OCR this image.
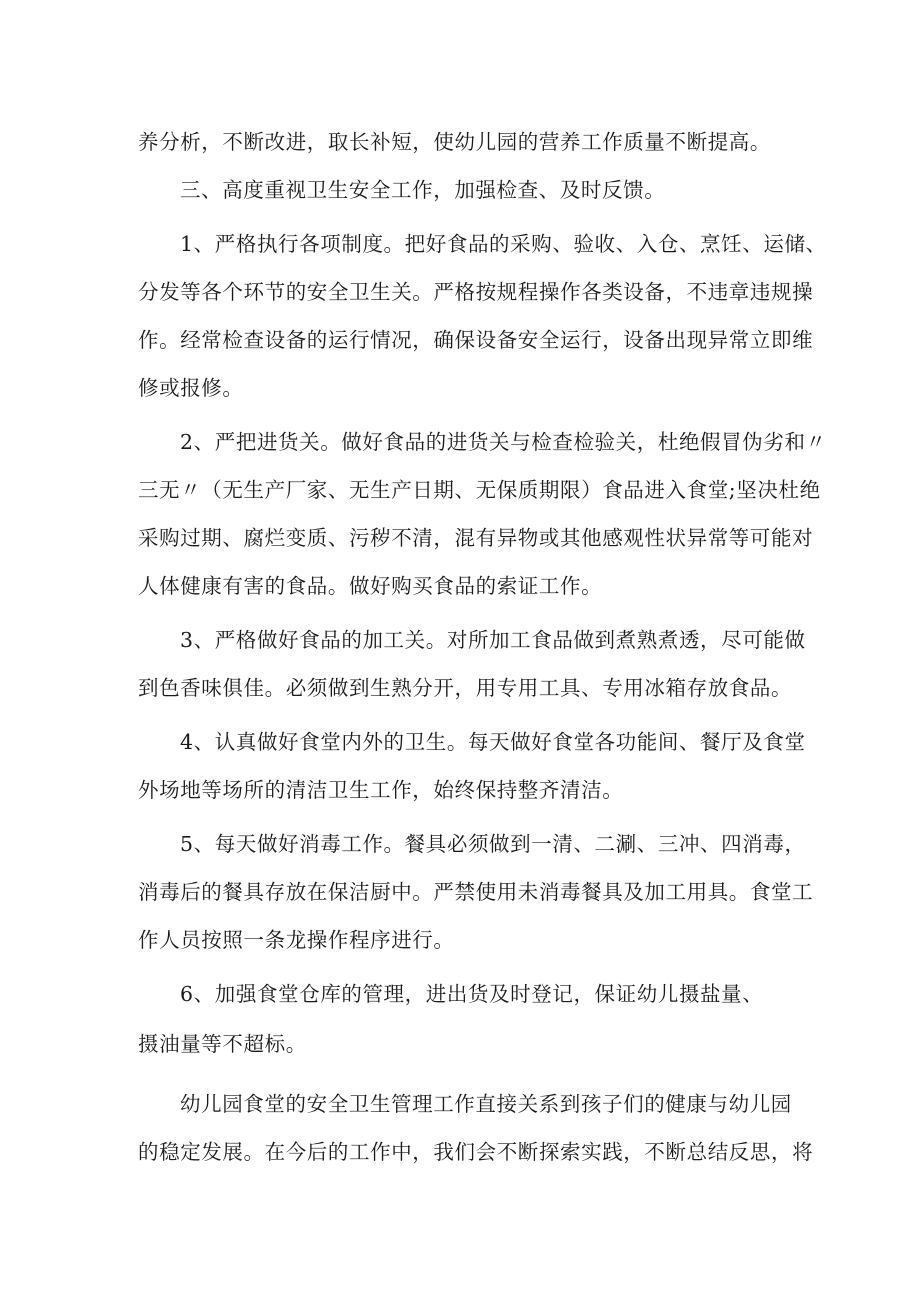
养分析，不断改进，取长补短，使幼儿园的营养工作质量不断提高。
三、高度重视卫生安全工作，加强检查、及时反馈。
1、严格执行各项制度。把好食品的采购、验收、入仓、烹饪、运储、
分发等各个环节的安全卫生关。严格按规程操作各类设备，不违章违规操
作。经常检查设备的运行情况，确保设备安全运行，设备出现异常立即维
修或报修。
2、严把进货关。做好食品的进货关与检查检验关，杜绝假冒伪劣和〃
三无〃（无生产厂家、无生产日期、无保质期限）食品进入食堂;坚决杜绝
采购过期、腐烂变质、污秽不清，混有异物或其他感观性状异常等可能对
人体健康有害的食品。做好购买食品的索证工作。
3、严格做好食品的加工关。对所加工食品做到煮熟煮透，尽可能做
到色香味俱佳。必须做到生熟分开，用专用工具、专用冰箱存放食品。
4、认真做好食堂内外的卫生。每天做好食堂各功能间、餐厅及食堂
外场地等场所的清洁卫生工作，始终保持整齐清洁。
5、每天做好消毒工作。餐具必须做到一清、二涮、三冲、四消毒，
消毒后的餐具存放在保洁厨中。严禁使用未消毒餐具及加工用具。食堂工
作人员按照一条龙操作程序进行。
6、加强食堂仓库的管理，进出货及时登记，保证幼儿摄盐量、
摄油量等不超标。
幼儿园食堂的安全卫生管理工作直接关系到孩子们的健康与幼儿园
的稳定发展。在今后的工作中，我们会不断探索实践，不断总结反思，将
